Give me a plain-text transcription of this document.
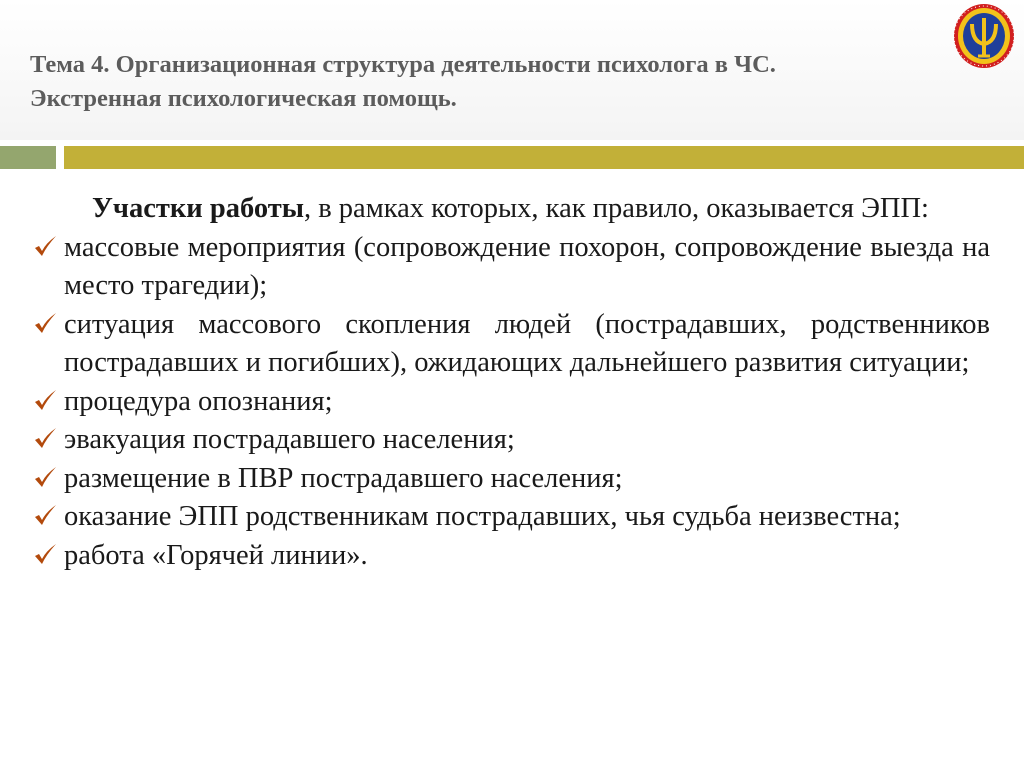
Тема 4. Организационная структура деятельности психолога в ЧС.
Экстренная психологическая помощь.

Участки работы, в рамках которых, как правило, оказывается ЭПП:

массовые мероприятия (сопровождение похорон, сопровождение выезда на место трагедии);
ситуация массового скопления людей (пострадавших, родственников пострадавших и погибших), ожидающих дальнейшего развития ситуации;
процедура опознания;
эвакуация пострадавшего населения;
размещение в ПВР пострадавшего населения;
оказание ЭПП родственникам пострадавших, чья судьба неизвестна;
работа «Горячей линии».
